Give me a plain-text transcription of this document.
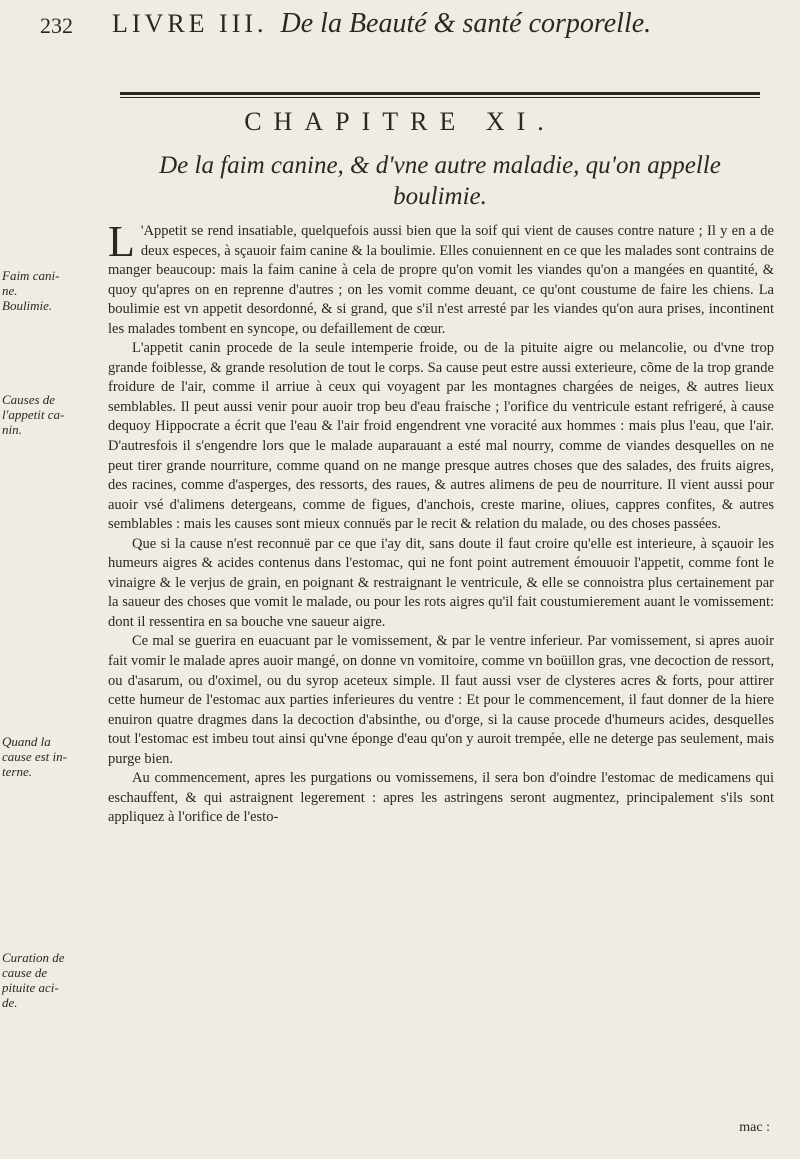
232 LIVRE III. De la Beauté & santé corporelle.
CHAPITRE XI.
De la faim canine, & d'vne autre maladie, qu'on appelle boulimie.
Faim cani- ne. Boulimie.
Causes de l'appetit ca- nin.
Quand la cause est in- terne.
Curation de cause de pituite aci- de.

L 'Appetit se rend insatiable, quelquefois aussi bien que la soif qui vient de causes contre nature ; Il y en a de deux especes, à sçauoir faim canine & la boulimie. Elles conuiennent en ce que les malades sont contrains de manger beaucoup: mais la faim canine à cela de propre qu'on vomit les viandes qu'on a mangées en quantité, & quoy qu'apres on en reprenne d'autres ; on les vomit comme deuant, ce qu'ont coustume de faire les chiens. La boulimie est vn appetit desordonné, & si grand, que s'il n'est arresté par les viandes qu'on aura prises, incontinent les malades tombent en syncope, ou defaillement de cœur.

L'appetit canin procede de la seule intemperie froide, ou de la pituite aigre ou melancolie, ou d'vne trop grande foiblesse, & grande resolution de tout le corps. Sa cause peut estre aussi exterieure, cõme de la trop grande froidure de l'air, comme il arriue à ceux qui voyagent par les montagnes chargées de neiges, & autres lieux semblables. Il peut aussi venir pour auoir trop beu d'eau fraische ; l'orifice du ventricule estant refrigeré, à cause dequoy Hippocrate a écrit que l'eau & l'air froid engendrent vne voracité aux hommes : mais plus l'eau, que l'air. D'autresfois il s'engendre lors que le malade auparauant a esté mal nourry, comme de viandes desquelles on ne peut tirer grande nourriture, comme quand on ne mange presque autres choses que des salades, des fruits aigres, des racines, comme d'asperges, des ressorts, des raues, & autres alimens de peu de nourriture. Il vient aussi pour auoir vsé d'alimens detergeans, comme de figues, d'anchois, creste marine, oliues, cappres confites, & autres semblables : mais les causes sont mieux connuës par le recit & relation du malade, ou des choses passées.

Que si la cause n'est reconnuë par ce que i'ay dit, sans doute il faut croire qu'elle est interieure, à sçauoir les humeurs aigres & acides contenus dans l'estomac, qui ne font point autrement émouuoir l'appetit, comme font le vinaigre & le verjus de grain, en poignant & restraignant le ventricule, & elle se connoistra plus certainement par la saueur des choses que vomit le malade, ou pour les rots aigres qu'il fait coustumierement auant le vomissement: dont il ressentira en sa bouche vne saueur aigre.

Ce mal se guerira en euacuant par le vomissement, & par le ventre inferieur. Par vomissement, si apres auoir fait vomir le malade apres auoir mangé, on donne vn vomitoire, comme vn boüillon gras, vne decoction de ressort, ou d'asarum, ou d'oximel, ou du syrop aceteux simple. Il faut aussi vser de clysteres acres & forts, pour attirer cette humeur de l'estomac aux parties inferieures du ventre : Et pour le commencement, il faut donner de la hiere enuiron quatre dragmes dans la decoction d'absinthe, ou d'orge, si la cause procede d'humeurs acides, desquelles tout l'estomac est imbeu tout ainsi qu'vne éponge d'eau qu'on y auroit trempée, elle ne deterge pas seulement, mais purge bien.

Au commencement, apres les purgations ou vomissemens, il sera bon d'oindre l'estomac de medicamens qui eschauffent, & qui astraignent legerement : apres les astringens seront augmentez, principalement s'ils sont appliquez à l'orifice de l'esto-

mac :
